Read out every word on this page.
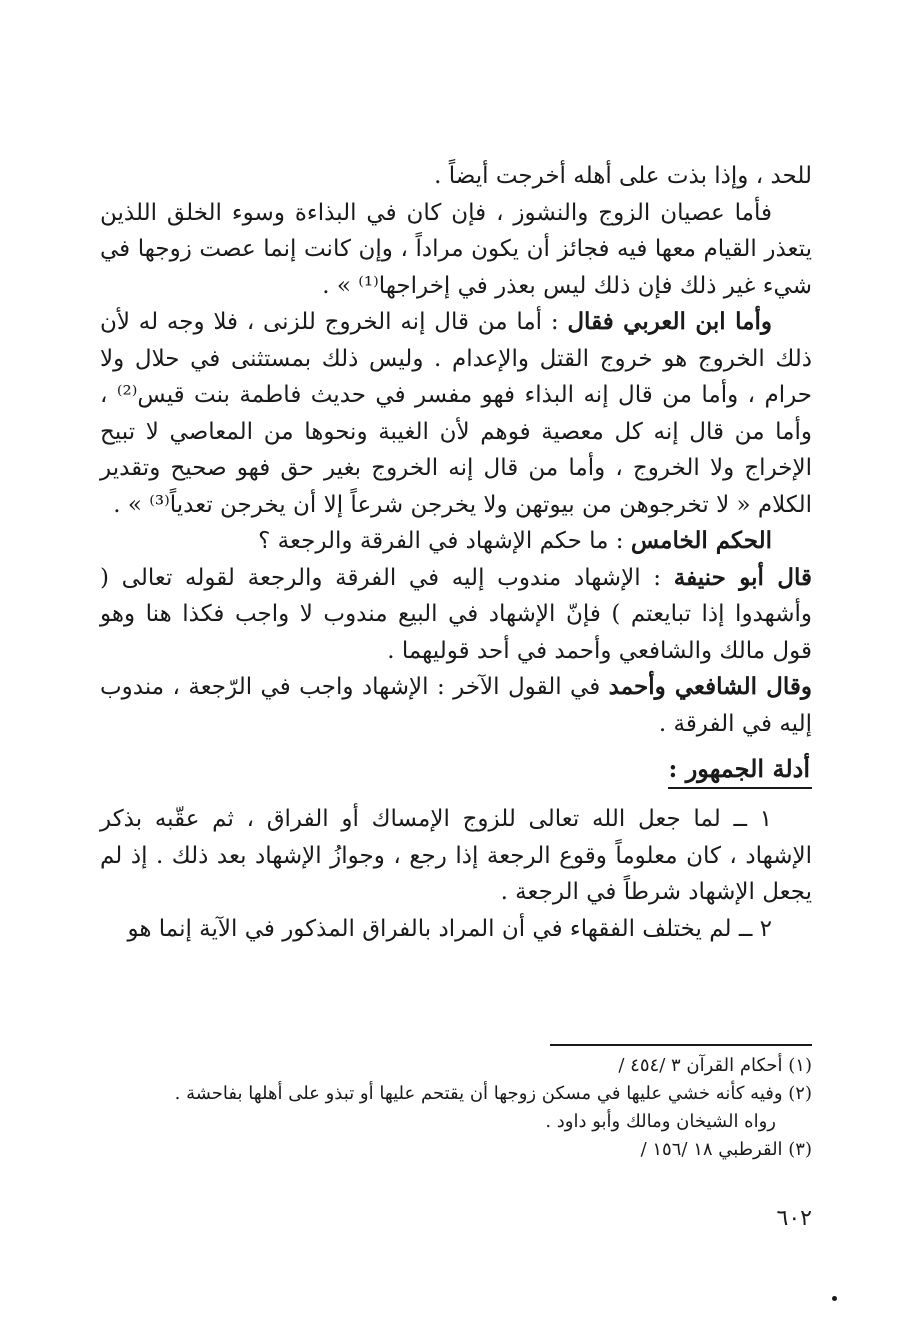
للحد ، وإذا بذت على أهله أخرجت أيضاً .

فأما عصيان الزوج والنشوز ، فإن كان في البذاءة وسوء الخلق اللذين يتعذر القيام معها فيه فجائز أن يكون مراداً ، وإن كانت إنما عصت زوجها في شيء غير ذلك فإن ذلك ليس بعذر في إخراجها⁽¹⁾ » .

وأما ابن العربي فقال : أما من قال إنه الخروج للزنى ، فلا وجه له لأن ذلك الخروج هو خروج القتل والإعدام . وليس ذلك بمستثنى في حلال ولا حرام ، وأما من قال إنه البذاء فهو مفسر في حديث فاطمة بنت قيس⁽²⁾ ، وأما من قال إنه كل معصية فوهم لأن الغيبة ونحوها من المعاصي لا تبيح الإخراج ولا الخروج ، وأما من قال إنه الخروج بغير حق فهو صحيح وتقدير الكلام « لا تخرجوهن من بيوتهن ولا يخرجن شرعاً إلا أن يخرجن تعدياً⁽³⁾ » .

الحكم الخامس : ما حكم الإشهاد في الفرقة والرجعة ؟

قال أبو حنيفة : الإشهاد مندوب إليه في الفرقة والرجعة لقوله تعالى ( وأشهدوا إذا تبايعتم ) فإنّ الإشهاد في البيع مندوب لا واجب فكذا هنا وهو قول مالك والشافعي وأحمد في أحد قوليهما .

وقال الشافعي وأحمد في القول الآخر : الإشهاد واجب في الرّجعة ، مندوب إليه في الفرقة .

أدلة الجمهور :

١ ــ لما جعل الله تعالى للزوج الإمساك أو الفراق ، ثم عقّبه بذكر الإشهاد ، كان معلوماً وقوع الرجعة إذا رجع ، وجوازُ الإشهاد بعد ذلك . إذ لم يجعل الإشهاد شرطاً في الرجعة .

٢ ــ لم يختلف الفقهاء في أن المراد بالفراق المذكور في الآية إنما هو

(١) أحكام القرآن ٣ /٤٥٤ /

(٢) وفيه كأنه خشي عليها في مسكن زوجها أن يقتحم عليها أو تبذو على أهلها بفاحشة .

رواه الشيخان ومالك وأبو داود .

(٣) القرطبي ١٨ /١٥٦ /

٦٠٢
